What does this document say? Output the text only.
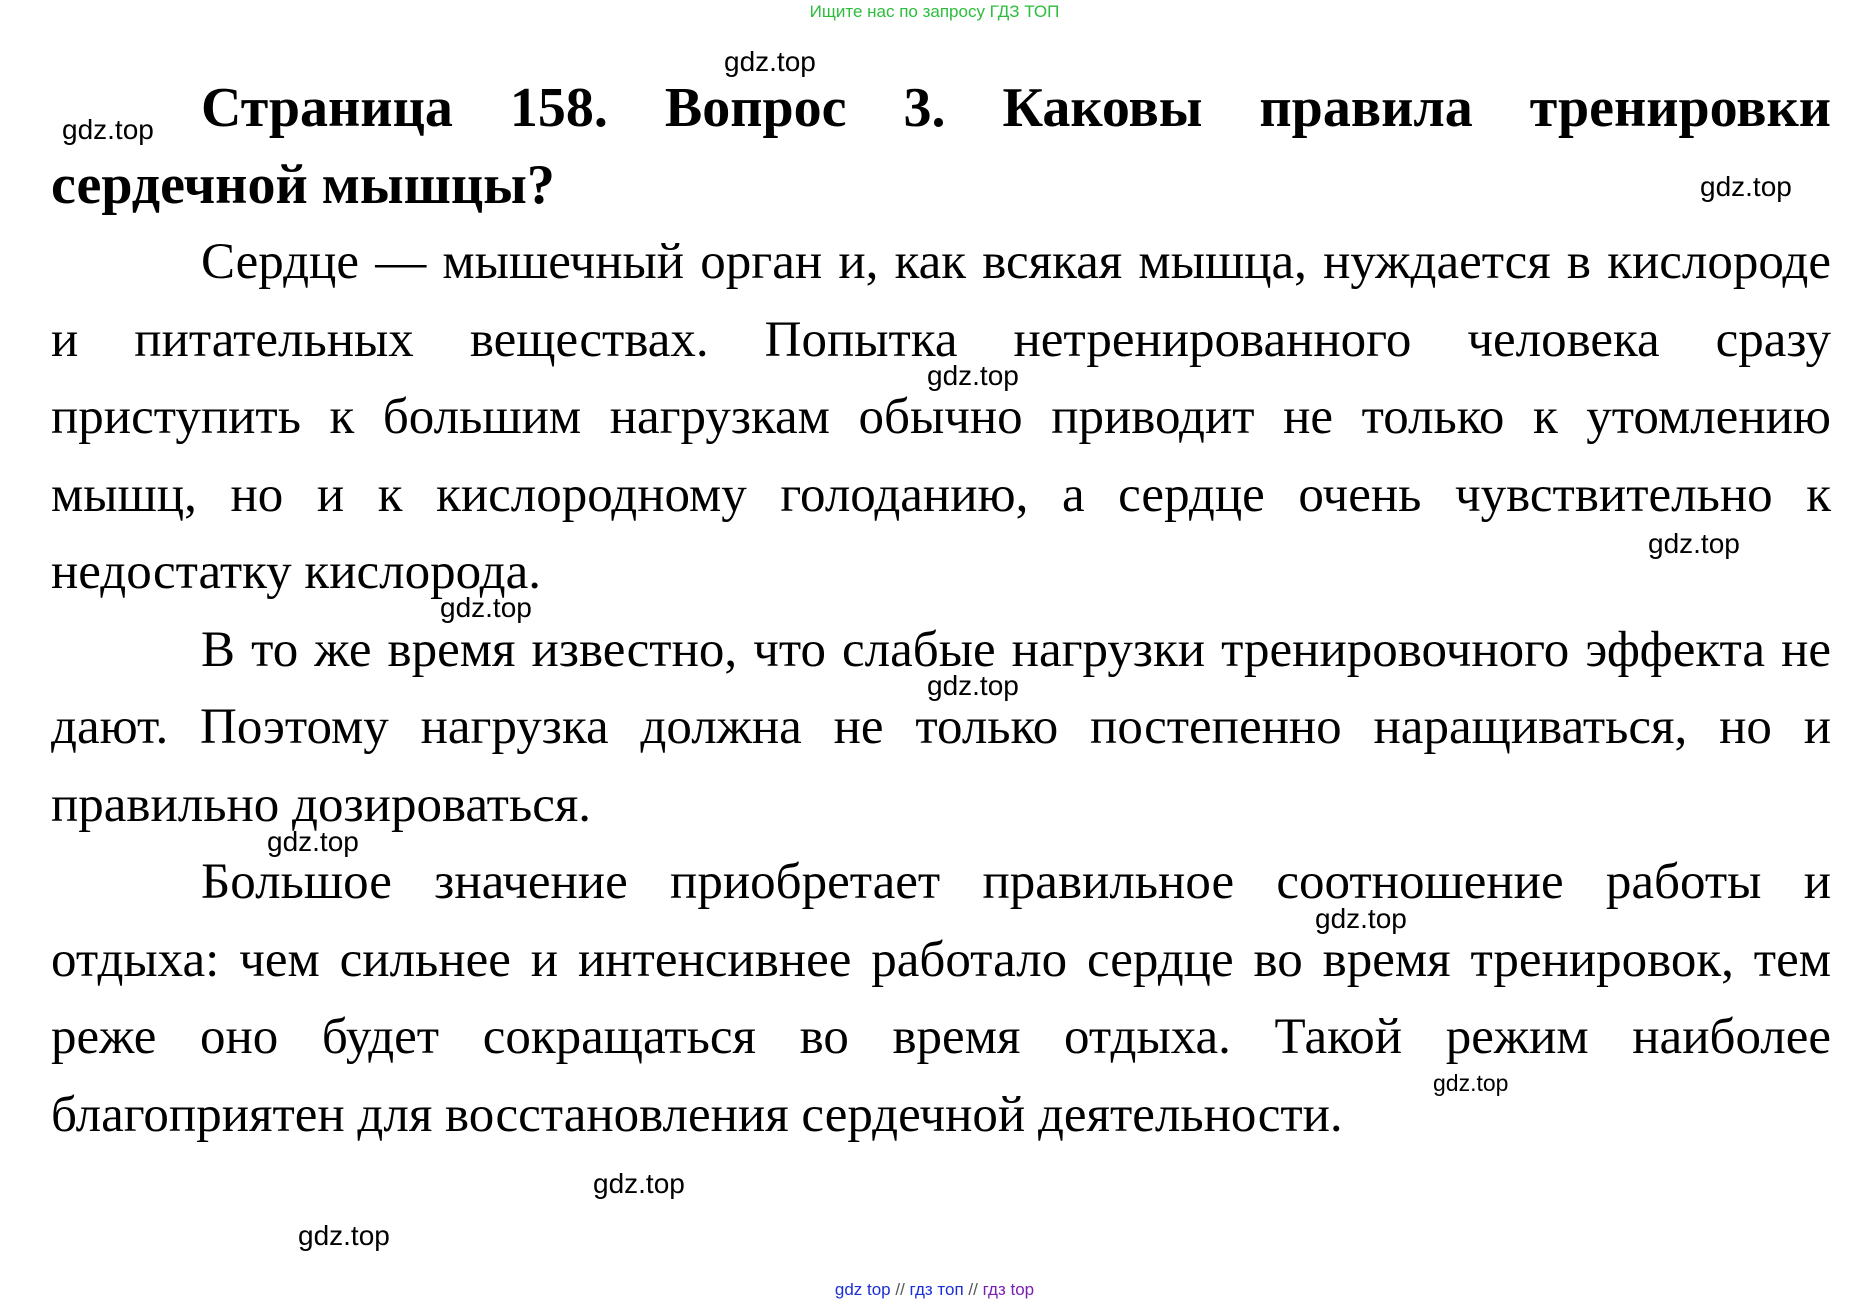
Ищите нас по запросу ГДЗ ТОП

Страница 158. Вопрос 3. Каковы правила тренировки сердечной мышцы?

Сердце — мышечный орган и, как всякая мышца, нуждается в кислороде и питательных веществах. Попытка нетренированного человека сразу приступить к большим нагрузкам обычно приводит не только к утомлению мышц, но и к кислородному голоданию, а сердце очень чувствительно к недостатку кислорода.

В то же время известно, что слабые нагрузки тренировочного эффекта не дают. Поэтому нагрузка должна не только постепенно наращиваться, но и правильно дозироваться.

Большое значение приобретает правильное соотношение работы и отдыха: чем сильнее и интенсивнее работало сердце во время тренировок, тем реже оно будет сокращаться во время отдыха. Такой режим наиболее благоприятен для восстановления сердечной деятельности.

gdz.top
gdz.top
gdz.top
gdz.top
gdz.top
gdz.top
gdz.top
gdz.top
gdz.top
gdz.top
gdz.top
gdz.top
gdz top // гдз топ // гдз top
